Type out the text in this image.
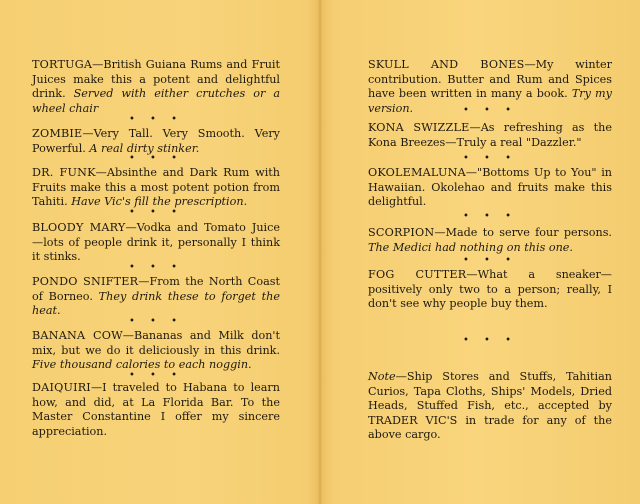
TORTUGA—British Guiana Rums and Fruit Juices make this a potent and delightful drink. Served with either crutches or a wheel chair

• • •

ZOMBIE—Very Tall. Very Smooth. Very Powerful. A real dirty stinker.

• • •

DR. FUNK—Absinthe and Dark Rum with Fruits make this a most potent potion from Tahiti. Have Vic's fill the prescription.

• • •

BLOODY MARY—Vodka and Tomato Juice—lots of people drink it, personally I think it stinks.

• • •

PONDO SNIFTER—From the North Coast of Borneo. They drink these to forget the heat.

• • •

BANANA COW—Bananas and Milk don't mix, but we do it deliciously in this drink. Five thousand calories to each noggin.

• • •

DAIQUIRI—I traveled to Habana to learn how, and did, at La Florida Bar. To the Master Constantine I offer my sincere appreciation.

SKULL AND BONES—My winter contribution. Butter and Rum and Spices have been written in many a book. Try my version.	• • •

KONA SWIZZLE—As refreshing as the Kona Breezes—Truly a real "Dazzler."

• • •

OKOLEMALUNA—"Bottoms Up to You" in Hawaiian. Okolehao and fruits make this delightful.

• • •

SCORPION—Made to serve four persons. The Medici had nothing on this one.

• • •

FOG CUTTER—What a sneaker—positively only two to a person; really, I don't see why people buy them.

• • •

Note—Ship Stores and Stuffs, Tahitian Curios, Tapa Cloths, Ships' Models, Dried Heads, Stuffed Fish, etc., accepted by TRADER VIC'S in trade for any of the above cargo.
